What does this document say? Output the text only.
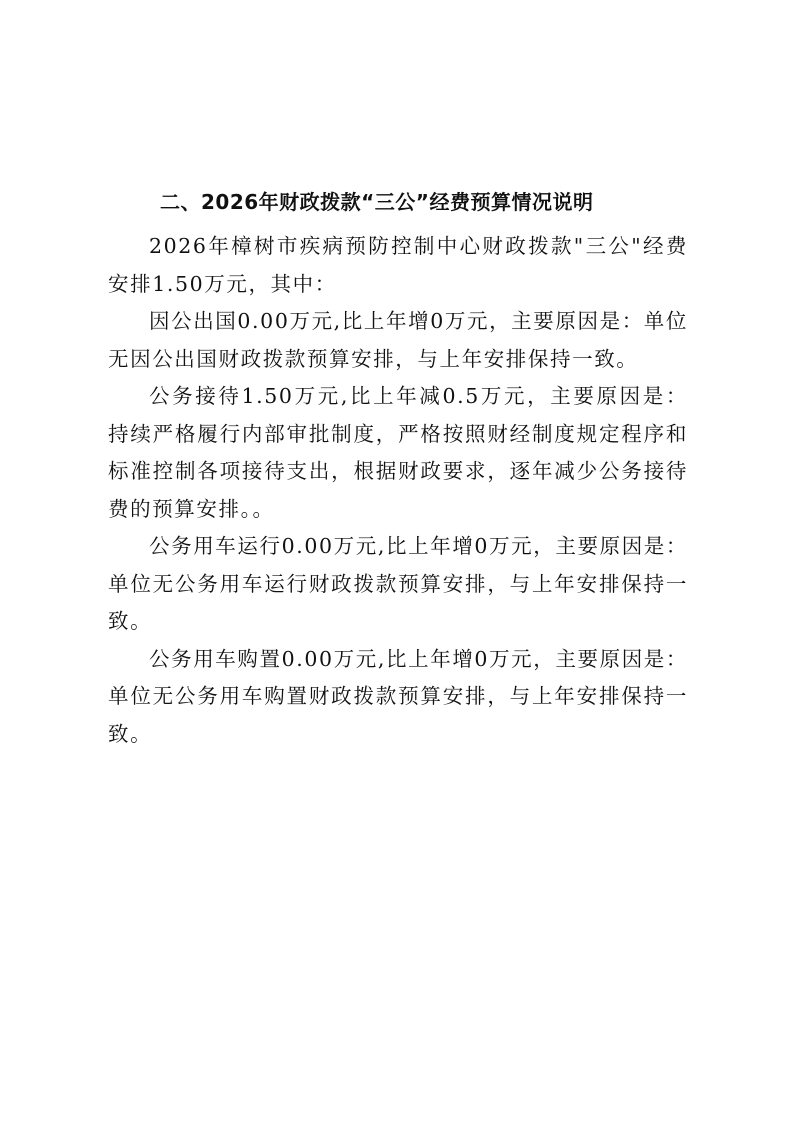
二、2026年财政拨款“三公”经费预算情况说明

2026年樟树市疾病预防控制中心财政拨款"三公"经费安排1.50万元，其中：

因公出国0.00万元,比上年增0万元，主要原因是：单位无因公出国财政拨款预算安排，与上年安排保持一致。

公务接待1.50万元,比上年减0.5万元，主要原因是：持续严格履行内部审批制度，严格按照财经制度规定程序和标准控制各项接待支出，根据财政要求，逐年减少公务接待费的预算安排。。

公务用车运行0.00万元,比上年增0万元，主要原因是：单位无公务用车运行财政拨款预算安排，与上年安排保持一致。

公务用车购置0.00万元,比上年增0万元，主要原因是：单位无公务用车购置财政拨款预算安排，与上年安排保持一致。
